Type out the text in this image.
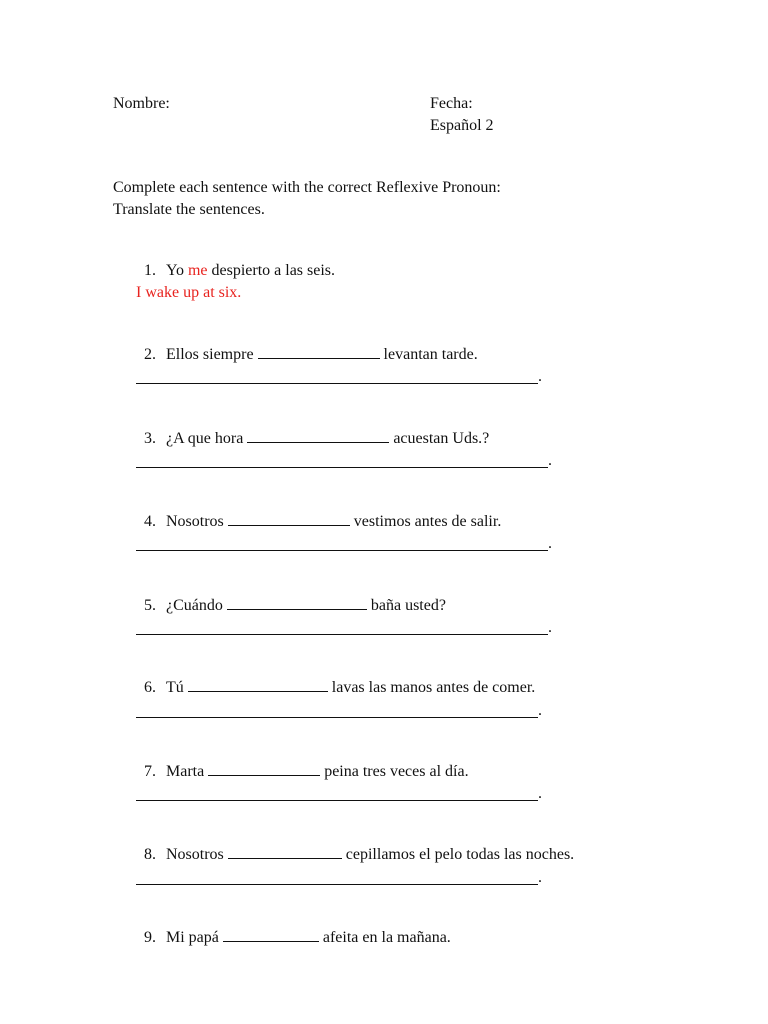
Nombre:	Fecha:
Español 2
Complete each sentence with the correct Reflexive Pronoun:
Translate the sentences.

1. Yo me despierto a las seis.

I wake up at six.

2. Ellos siempre	levantan tarde.

.

3. ¿A que hora	acuestan Uds.?

.

4. Nosotros	vestimos antes de salir.

.

5. ¿Cuándo	baña usted?

.

6. Tú	lavas las manos antes de comer.

.

7. Marta	peina tres veces al día.

.

8. Nosotros	cepillamos el pelo todas las noches.

.

9. Mi papá	afeita en la mañana.
